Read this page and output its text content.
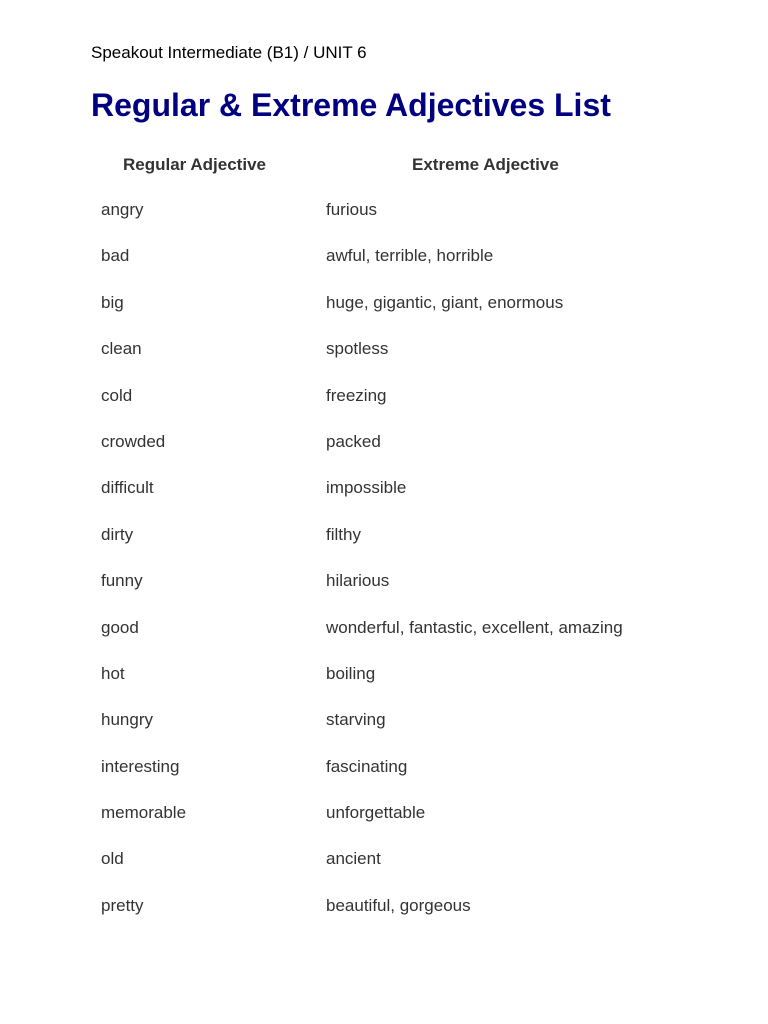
Speakout Intermediate (B1) / UNIT 6

Regular & Extreme Adjectives List
Regular Adjective	Extreme Adjective
angry	furious
bad	awful, terrible, horrible
big	huge, gigantic, giant, enormous
clean	spotless
cold	freezing
crowded	packed
difficult	impossible
dirty	filthy
funny	hilarious
good	wonderful, fantastic, excellent, amazing
hot	boiling
hungry	starving
interesting	fascinating
memorable	unforgettable
old	ancient
pretty	beautiful, gorgeous
